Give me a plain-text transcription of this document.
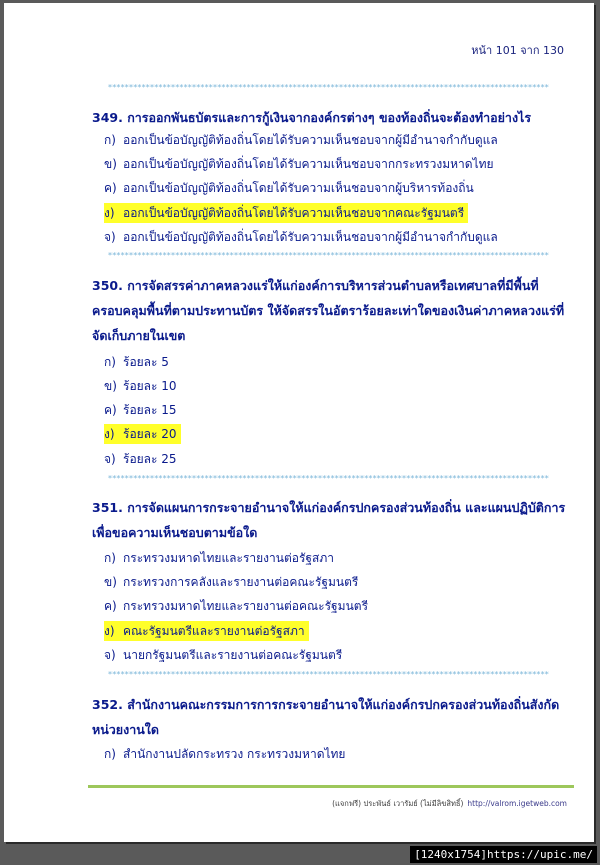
หน้า 101 จาก 130
*********************************************************************************************************
349. การออกพันธบัตรและการกู้เงินจากองค์กรต่างๆ ของท้องถิ่นจะต้องทำอย่างไร
ก) ออกเป็นข้อบัญญัติท้องถิ่นโดยได้รับความเห็นชอบจากผู้มีอำนาจกำกับดูแล
ข) ออกเป็นข้อบัญญัติท้องถิ่นโดยได้รับความเห็นชอบจากกระทรวงมหาดไทย
ค) ออกเป็นข้อบัญญัติท้องถิ่นโดยได้รับความเห็นชอบจากผู้บริหารท้องถิ่น
ง) ออกเป็นข้อบัญญัติท้องถิ่นโดยได้รับความเห็นชอบจากคณะรัฐมนตรี
จ) ออกเป็นข้อบัญญัติท้องถิ่นโดยได้รับความเห็นชอบจากผู้มีอำนาจกำกับดูแล
*********************************************************************************************************
350. การจัดสรรค่าภาคหลวงแร่ให้แก่องค์การบริหารส่วนตำบลหรือเทศบาลที่มีพื้นที่ครอบคลุมพื้นที่ตามประทานบัตร ให้จัดสรรในอัตราร้อยละเท่าใดของเงินค่าภาคหลวงแร่ที่จัดเก็บภายในเขต
ก) ร้อยละ 5
ข) ร้อยละ 10
ค) ร้อยละ 15
ง) ร้อยละ 20
จ) ร้อยละ 25
*********************************************************************************************************
351. การจัดแผนการกระจายอำนาจให้แก่องค์กรปกครองส่วนท้องถิ่น และแผนปฏิบัติการเพื่อขอความเห็นชอบตามข้อใด
ก) กระทรวงมหาดไทยและรายงานต่อรัฐสภา
ข) กระทรวงการคลังและรายงานต่อคณะรัฐมนตรี
ค) กระทรวงมหาดไทยและรายงานต่อคณะรัฐมนตรี
ง) คณะรัฐมนตรีและรายงานต่อรัฐสภา
จ) นายกรัฐมนตรีและรายงานต่อคณะรัฐมนตรี
*********************************************************************************************************
352. สำนักงานคณะกรรมการการกระจายอำนาจให้แก่องค์กรปกครองส่วนท้องถิ่นสังกัดหน่วยงานใด
ก) สำนักงานปลัดกระทรวง กระทรวงมหาดไทย
(แจกฟรี) ประพันธ์ เวารัมย์ (ไม่มีลิขสิทธิ์) http://valrom.igetweb.com
[1240x1754]https://upic.me/
